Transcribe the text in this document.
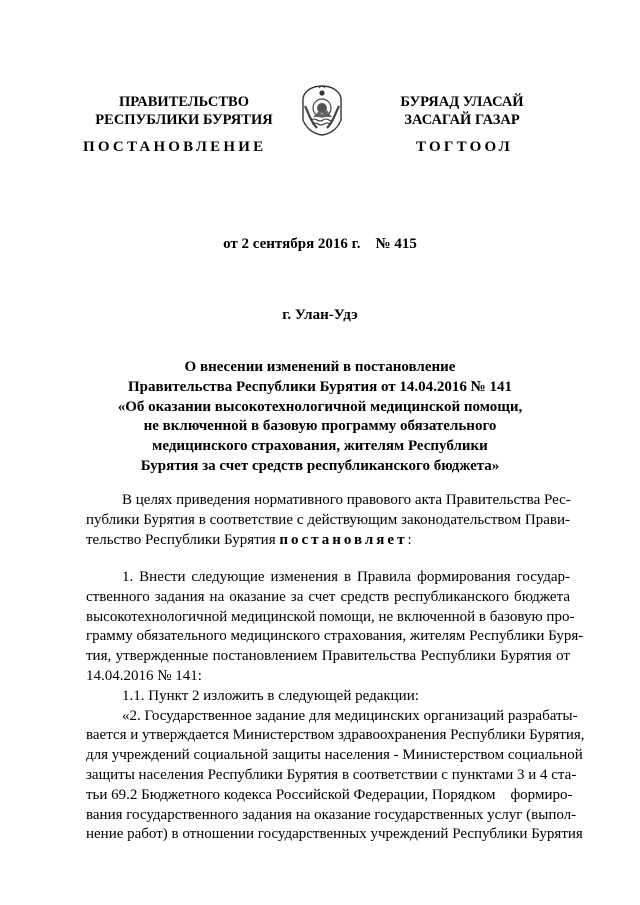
ПРАВИТЕЛЬСТВО
РЕСПУБЛИКИ БУРЯТИЯ
БУРЯАД УЛАСАЙ
ЗАСАГАЙ ГАЗАР
ПОСТАНОВЛЕНИЕ	ТОГТООЛ
от 2 сентября 2016 г.    № 415
г. Улан-Удэ
О внесении изменений в постановление
Правительства Республики Бурятия от 14.04.2016 № 141
«Об оказании высокотехнологичной медицинской помощи,
не включенной в базовую программу обязательного
медицинского страхования, жителям Республики
Бурятия за счет средств республиканского бюджета»
В целях приведения нормативного правового акта Правительства Рес-
публики Бурятия в соответствие с действующим законодательством Прави-
тельство Республики Бурятия постановляет:
1. Внести следующие изменения в Правила формирования государ-
ственного задания на оказание за счет средств республиканского бюджета
высокотехнологичной медицинской помощи, не включенной в базовую про-
грамму обязательного медицинского страхования, жителям Республики Буря-
тия, утвержденные постановлением Правительства Республики Бурятия от
14.04.2016 № 141:
1.1. Пункт 2 изложить в следующей редакции:
«2. Государственное задание для медицинских организаций разрабаты-
вается и утверждается Министерством здравоохранения Республики Бурятия,
для учреждений социальной защиты населения - Министерством социальной
защиты населения Республики Бурятия в соответствии с пунктами 3 и 4 ста-
тьи 69.2 Бюджетного кодекса Российской Федерации, Порядком    формиро-
вания государственного задания на оказание государственных услуг (выпол-
нение работ) в отношении государственных учреждений Республики Бурятия
